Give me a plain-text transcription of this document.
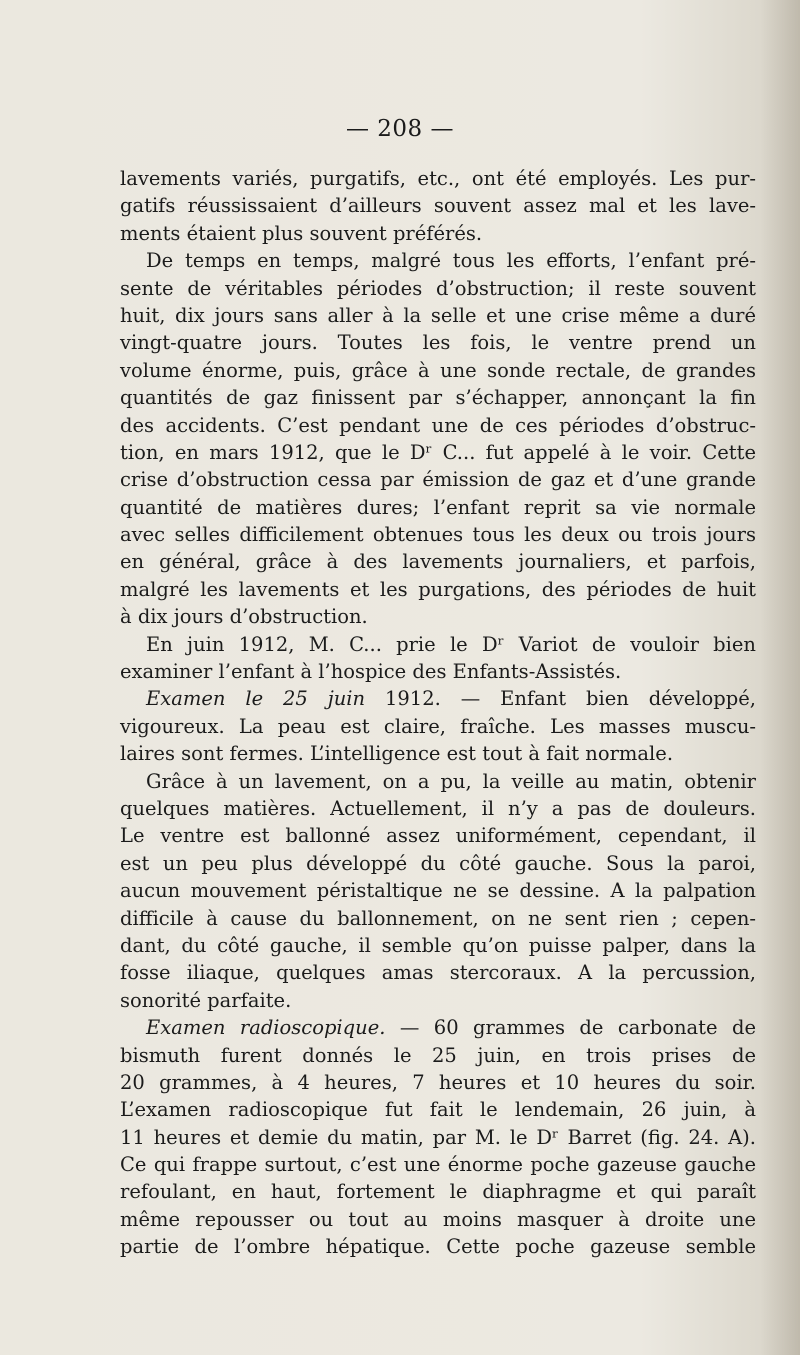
— 208 —
lavements variés, purgatifs, etc., ont été employés. Les pur-
gatifs réussissaient d’ailleurs souvent assez mal et les lave-
ments étaient plus souvent préférés.
De temps en temps, malgré tous les efforts, l’enfant pré-
sente de véritables périodes d’obstruction; il reste souvent
huit, dix jours sans aller à la selle et une crise même a duré
vingt-quatre jours. Toutes les fois, le ventre prend un
volume énorme, puis, grâce à une sonde rectale, de grandes
quantités de gaz finissent par s’échapper, annonçant la fin
des accidents. C’est pendant une de ces périodes d’obstruc-
tion, en mars 1912, que le Dʳ C... fut appelé à le voir. Cette
crise d’obstruction cessa par émission de gaz et d’une grande
quantité de matières dures; l’enfant reprit sa vie normale
avec selles difficilement obtenues tous les deux ou trois jours
en général, grâce à des lavements journaliers, et parfois,
malgré les lavements et les purgations, des périodes de huit
à dix jours d’obstruction.
En juin 1912, M. C... prie le Dʳ Variot de vouloir bien
examiner l’enfant à l’hospice des Enfants-Assistés.
Examen le 25 juin 1912. — Enfant bien développé,
vigoureux. La peau est claire, fraîche. Les masses muscu-
laires sont fermes. L’intelligence est tout à fait normale.
Grâce à un lavement, on a pu, la veille au matin, obtenir
quelques matières. Actuellement, il n’y a pas de douleurs.
Le ventre est ballonné assez uniformément, cependant, il
est un peu plus développé du côté gauche. Sous la paroi,
aucun mouvement péristaltique ne se dessine. A la palpation
difficile à cause du ballonnement, on ne sent rien ; cepen-
dant, du côté gauche, il semble qu’on puisse palper, dans la
fosse iliaque, quelques amas stercoraux. A la percussion,
sonorité parfaite.
Examen radioscopique. — 60 grammes de carbonate de
bismuth furent donnés le 25 juin, en trois prises de
20 grammes, à 4 heures, 7 heures et 10 heures du soir.
L’examen radioscopique fut fait le lendemain, 26 juin, à
11 heures et demie du matin, par M. le Dʳ Barret (fig. 24. A).
Ce qui frappe surtout, c’est une énorme poche gazeuse gauche
refoulant, en haut, fortement le diaphragme et qui paraît
même repousser ou tout au moins masquer à droite une
partie de l’ombre hépatique. Cette poche gazeuse semble
